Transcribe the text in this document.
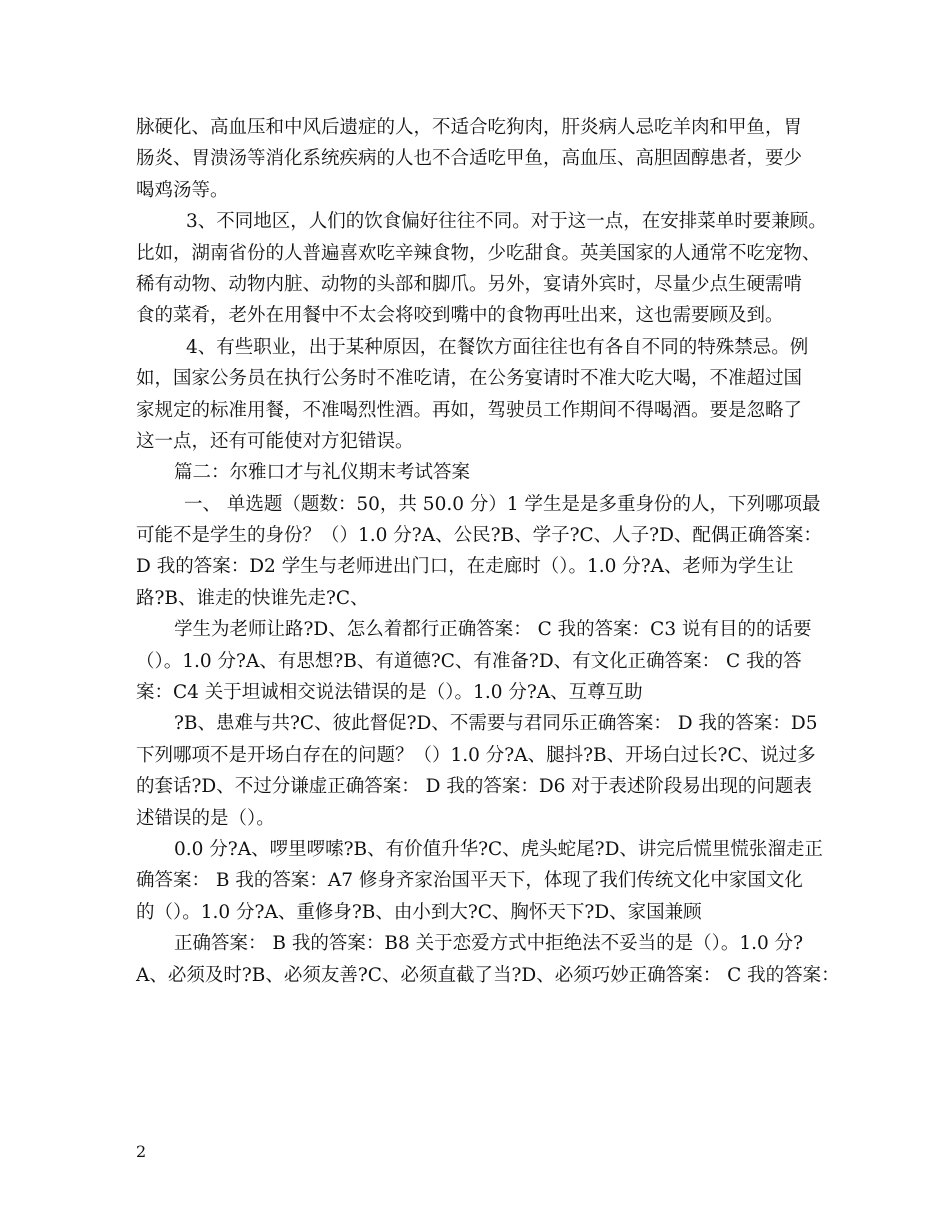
脉硬化、高血压和中风后遗症的人，不适合吃狗肉，肝炎病人忌吃羊肉和甲鱼，胃
肠炎、胃溃汤等消化系统疾病的人也不合适吃甲鱼，高血压、高胆固醇患者，要少
喝鸡汤等。
3、不同地区，人们的饮食偏好往往不同。对于这一点，在安排菜单时要兼顾。
比如，湖南省份的人普遍喜欢吃辛辣食物，少吃甜食。英美国家的人通常不吃宠物、
稀有动物、动物内脏、动物的头部和脚爪。另外，宴请外宾时，尽量少点生硬需啃
食的菜肴，老外在用餐中不太会将咬到嘴中的食物再吐出来，这也需要顾及到。
4、有些职业，出于某种原因，在餐饮方面往往也有各自不同的特殊禁忌。例
如，国家公务员在执行公务时不准吃请，在公务宴请时不准大吃大喝，不准超过国
家规定的标准用餐，不准喝烈性酒。再如，驾驶员工作期间不得喝酒。要是忽略了
这一点，还有可能使对方犯错误。
篇二：尔雅口才与礼仪期末考试答案
一、 单选题（题数：50，共 50.0 分）1 学生是是多重身份的人，下列哪项最
可能不是学生的身份？（）1.0 分?A、公民?B、学子?C、人子?D、配偶正确答案：
D 我的答案：D2 学生与老师进出门口，在走廊时（）。1.0 分?A、老师为学生让
路?B、谁走的快谁先走?C、
学生为老师让路?D、怎么着都行正确答案： C 我的答案：C3 说有目的的话要
（）。1.0 分?A、有思想?B、有道德?C、有准备?D、有文化正确答案： C 我的答
案：C4 关于坦诚相交说法错误的是（）。1.0 分?A、互尊互助
?B、患难与共?C、彼此督促?D、不需要与君同乐正确答案： D 我的答案：D5
下列哪项不是开场白存在的问题？（）1.0 分?A、腿抖?B、开场白过长?C、说过多
的套话?D、不过分谦虚正确答案： D 我的答案：D6 对于表述阶段易出现的问题表
述错误的是（）。
0.0 分?A、啰里啰嗦?B、有价值升华?C、虎头蛇尾?D、讲完后慌里慌张溜走正
确答案： B 我的答案：A7 修身齐家治国平天下，体现了我们传统文化中家国文化
的（）。1.0 分?A、重修身?B、由小到大?C、胸怀天下?D、家国兼顾
正确答案： B 我的答案：B8 关于恋爱方式中拒绝法不妥当的是（）。1.0 分?
A、必须及时?B、必须友善?C、必须直截了当?D、必须巧妙正确答案： C 我的答案：
2
